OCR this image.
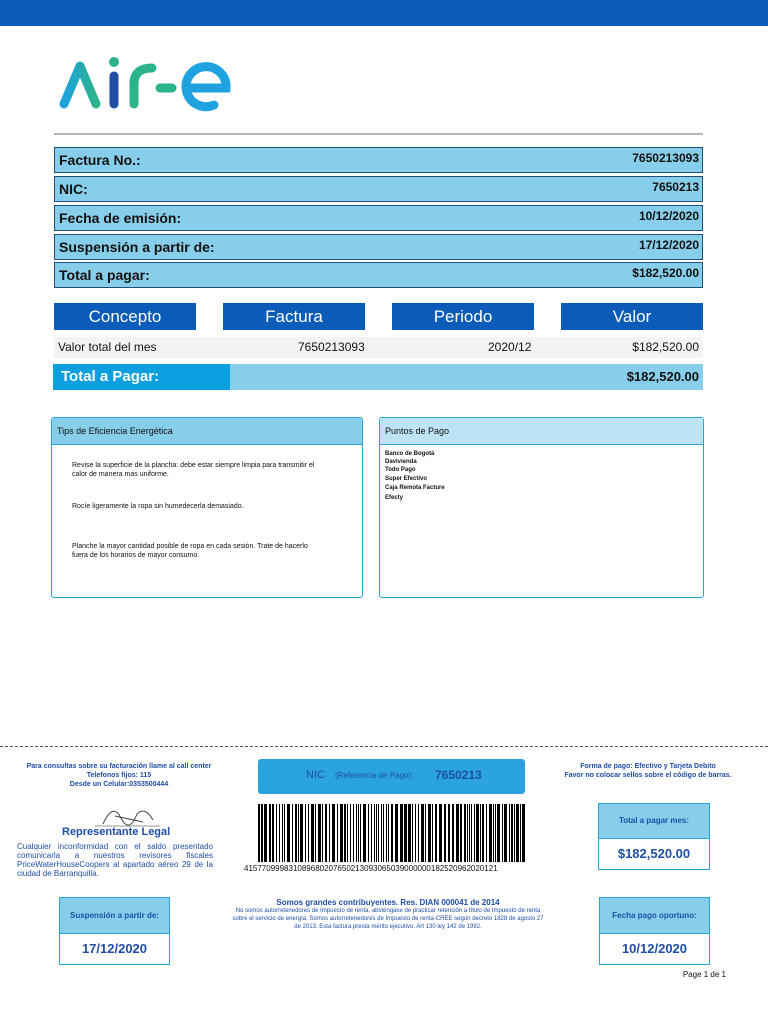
Factura No.:	7650213093
NIC:	7650213
Fecha de emisión:	10/12/2020
Suspensión a partir de:	17/12/2020
Total a pagar:	$182,520.00
Concepto	Factura	Periodo	Valor
Valor total del mes	7650213093	2020/12	$182,520.00
Total a Pagar:	$182,520.00
Tips de Eficiencia Energética
Revise la superficie de la plancha: debe estar siempre limpia para transmitir el calor de manera mas uniforme.
Rocíe ligeramente la ropa sin humedecerla demasiado.
Planche la mayor cantidad posible de ropa en cada sesión. Trate de hacerlo fuera de los horarios de mayor consumo.
Puntos de Pago
Banco de Bogotá
Davivienda
Todo Pago
Super Efectivo
Caja Remota Facture
Efecty
Para consultas sobre su facturación llame al call center
Telefonos fijos: 115
Desde un Celular:0353500444
Representante Legal
Cualquier inconformidad con el saldo presentado comunicarla a nuestros revisores fiscales PriceWaterHouseCoopers al apartado aéreo 29 de la ciudad de Barranquilla.
NIC (Referencia de Pago): 7650213
415770999831089680207650213093065039000000182520962020121
Forma de pago: Efectivo y Tarjeta Debito
Favor no colocar sellos sobre el código de barras.
Total a pagar mes:
$182,520.00
Suspensión a partir de:
17/12/2020
Fecha pago oportuno:
10/12/2020
Somos grandes contribuyentes. Res. DIAN 000041 de 2014
No somos autorretenedores de Impuesto de renta, absténgase de practicar retención a título de Impuesto de renta sobre el servicio de energía. Somos autorretenedores de Impuesto de renta-CREE según decreto 1828 de agosto 27 de 2013. Esta factura presta mérito ejecutivo. Art 130 ley 142 de 1992.
Page 1 de 1
